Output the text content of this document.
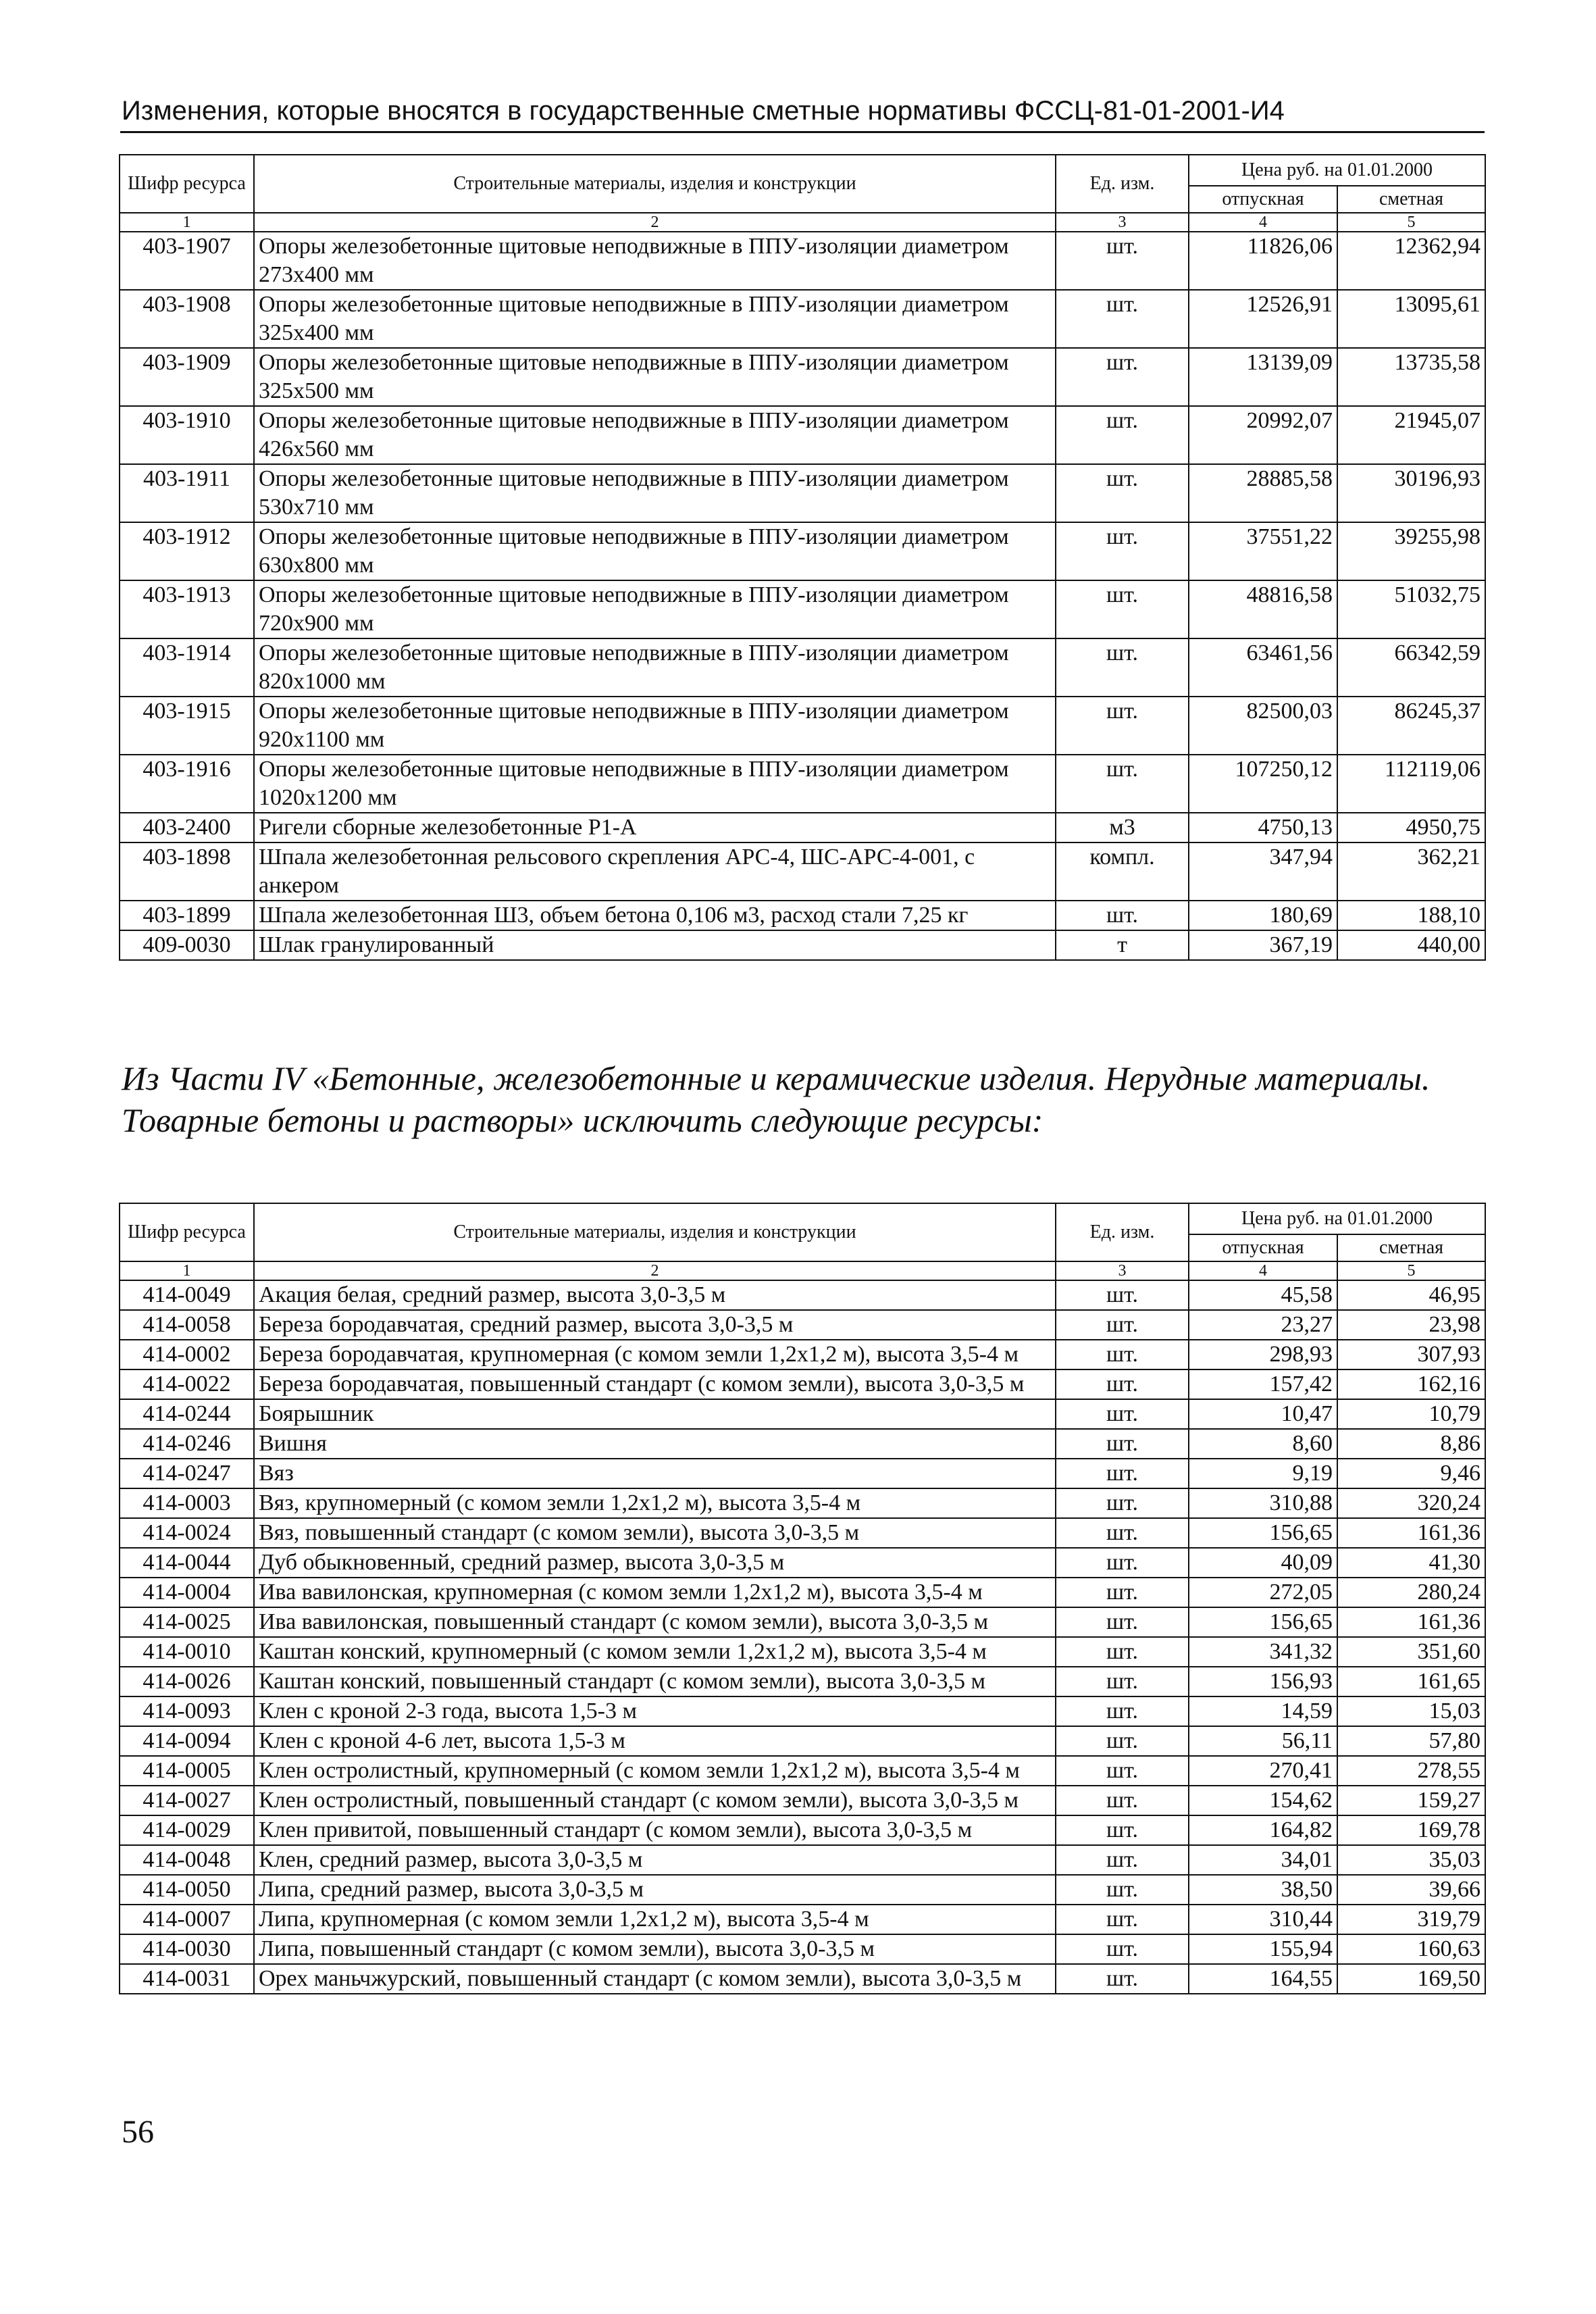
Изменения, которые вносятся в государственные сметные нормативы ФССЦ-81-01-2001-И4
Шифр ресурса	Строительные материалы, изделия и конструкции	Ед. изм.	Цена руб. на 01.01.2000	
			отпускная	сметная
1	2	3	4	5
403-1907	Опоры железобетонные щитовые неподвижные в ППУ-изоляции диаметром 273х400 мм	шт.	11826,06	12362,94
403-1908	Опоры железобетонные щитовые неподвижные в ППУ-изоляции диаметром 325х400 мм	шт.	12526,91	13095,61
403-1909	Опоры железобетонные щитовые неподвижные в ППУ-изоляции диаметром 325х500 мм	шт.	13139,09	13735,58
403-1910	Опоры железобетонные щитовые неподвижные в ППУ-изоляции диаметром 426х560 мм	шт.	20992,07	21945,07
403-1911	Опоры железобетонные щитовые неподвижные в ППУ-изоляции диаметром 530х710 мм	шт.	28885,58	30196,93
403-1912	Опоры железобетонные щитовые неподвижные в ППУ-изоляции диаметром 630х800 мм	шт.	37551,22	39255,98
403-1913	Опоры железобетонные щитовые неподвижные в ППУ-изоляции диаметром 720х900 мм	шт.	48816,58	51032,75
403-1914	Опоры железобетонные щитовые неподвижные в ППУ-изоляции диаметром 820х1000 мм	шт.	63461,56	66342,59
403-1915	Опоры железобетонные щитовые неподвижные в ППУ-изоляции диаметром 920х1100 мм	шт.	82500,03	86245,37
403-1916	Опоры железобетонные щитовые неподвижные в ППУ-изоляции диаметром 1020х1200 мм	шт.	107250,12	112119,06
403-2400	Ригели сборные железобетонные Р1-А	м3	4750,13	4950,75
403-1898	Шпала железобетонная рельсового скрепления АРС-4, ШС-АРС-4-001, с анкером	компл.	347,94	362,21
403-1899	Шпала железобетонная Ш3, объем бетона 0,106 м3, расход стали 7,25 кг	шт.	180,69	188,10
409-0030	Шлак гранулированный	т	367,19	440,00
Из Части IV «Бетонные, железобетонные и керамические изделия. Нерудные материалы. Товарные бетоны и растворы» исключить следующие ресурсы:
Шифр ресурса	Строительные материалы, изделия и конструкции	Ед. изм.	Цена руб. на 01.01.2000	
			отпускная	сметная
1	2	3	4	5
414-0049	Акация белая, средний размер, высота 3,0-3,5 м	шт.	45,58	46,95
414-0058	Береза бородавчатая, средний размер, высота 3,0-3,5 м	шт.	23,27	23,98
414-0002	Береза бородавчатая, крупномерная (с комом земли 1,2х1,2 м), высота 3,5-4 м	шт.	298,93	307,93
414-0022	Береза бородавчатая, повышенный стандарт (с комом земли), высота 3,0-3,5 м	шт.	157,42	162,16
414-0244	Боярышник	шт.	10,47	10,79
414-0246	Вишня	шт.	8,60	8,86
414-0247	Вяз	шт.	9,19	9,46
414-0003	Вяз, крупномерный (с комом земли 1,2х1,2 м), высота 3,5-4 м	шт.	310,88	320,24
414-0024	Вяз, повышенный стандарт (с комом земли), высота 3,0-3,5 м	шт.	156,65	161,36
414-0044	Дуб обыкновенный, средний размер, высота 3,0-3,5 м	шт.	40,09	41,30
414-0004	Ива вавилонская, крупномерная (с комом земли 1,2х1,2 м), высота 3,5-4 м	шт.	272,05	280,24
414-0025	Ива вавилонская, повышенный стандарт (с комом земли), высота 3,0-3,5 м	шт.	156,65	161,36
414-0010	Каштан конский, крупномерный (с комом земли 1,2х1,2 м), высота 3,5-4 м	шт.	341,32	351,60
414-0026	Каштан конский, повышенный стандарт (с комом земли), высота 3,0-3,5 м	шт.	156,93	161,65
414-0093	Клен с кроной 2-3 года, высота 1,5-3 м	шт.	14,59	15,03
414-0094	Клен с кроной 4-6 лет, высота 1,5-3 м	шт.	56,11	57,80
414-0005	Клен остролистный, крупномерный (с комом земли 1,2х1,2 м), высота 3,5-4 м	шт.	270,41	278,55
414-0027	Клен остролистный, повышенный стандарт (с комом земли), высота 3,0-3,5 м	шт.	154,62	159,27
414-0029	Клен привитой, повышенный стандарт (с комом земли), высота 3,0-3,5 м	шт.	164,82	169,78
414-0048	Клен, средний размер, высота 3,0-3,5 м	шт.	34,01	35,03
414-0050	Липа, средний размер, высота 3,0-3,5 м	шт.	38,50	39,66
414-0007	Липа, крупномерная (с комом земли 1,2х1,2 м), высота 3,5-4 м	шт.	310,44	319,79
414-0030	Липа, повышенный стандарт (с комом земли), высота 3,0-3,5 м	шт.	155,94	160,63
414-0031	Орех маньчжурский, повышенный стандарт (с комом земли), высота 3,0-3,5 м	шт.	164,55	169,50
56
